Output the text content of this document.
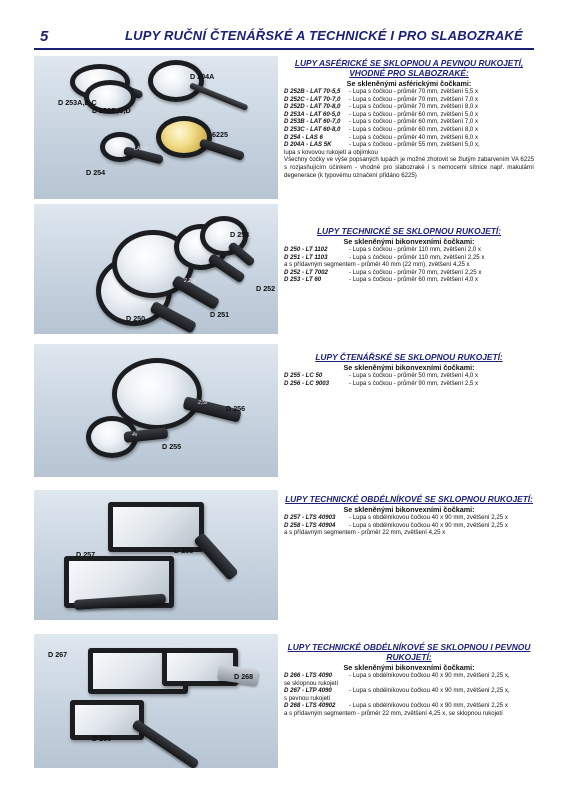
5	LUPY RUČNÍ ČTENÁŘSKÉ A TECHNICKÉ I PRO SLABOZRAKÉ
LAS 6
D 253A,B,C
D 252B,C,D
D 204A
6225
D 254
LUPY ASFÉRICKÉ SE SKLOPNOU A PEVNOU RUKOJETÍ,
VHODNÉ PRO SLABOZRAKÉ:
Se skleněnými asférickými čočkami:
D 252B - LAT 70-5,5	- Lupa s čočkou - průměr 70 mm, zvětšení 5,5 x
D 252C - LAT 70-7,0	- Lupa s čočkou - průměr 70 mm, zvětšení 7,0 x
D 252D - LAT 70-8,0	- Lupa s čočkou - průměr 70 mm, zvětšení 8,0 x
D 253A - LAT 60-5,0	- Lupa s čočkou - průměr 60 mm, zvětšení 5,0 x
D 253B - LAT 60-7,0	- Lupa s čočkou - průměr 60 mm, zvětšení 7,0 x
D 253C - LAT 60-8,0	- Lupa s čočkou - průměr 60 mm, zvětšení 8,0 x
D 254 - LAS 6	- Lupa s čočkou - průměr 40 mm, zvětšení 6,0 x
D 204A - LAS 5K	- Lupa s čočkou - průměr 55 mm, zvětšení 5,0 x,
lupa s kovovou rukojetí a objímkou
Všechny čočky ve výše popsaných lupách je možné zhotovit se žlutým zabarvením VA 6225 s rozjasňujícím účinkem - vhodné pro slabozraké i s nemocemi sítnice např. makulární degenerace (k typovému označení přidáno 6225)
2,25x
D 253
D 252
D 251
D 250
LUPY TECHNICKÉ SE SKLOPNOU RUKOJETÍ:
Se skleněnými bikonvexními čočkami:
D 250 - LT 1102	- Lupa s čočkou - průměr 110 mm, zvětšení 2,0 x
D 251 - LT 1103	- Lupa s čočkou - průměr 110 mm, zvětšení 2,25 x
a s přídavným segmentem - průměr 40 mm (22 mm), zvětšení 4,25 x
D 252 - LT 7002	- Lupa s čočkou - průměr 70 mm, zvětšení 2,25 x
D 253 - LT 60	- Lupa s čočkou - průměr 60 mm, zvětšení 4,0 x
2,5x
4x
D 256
D 255
LUPY ČTENÁŘSKÉ SE SKLOPNOU RUKOJETÍ:
Se skleněnými bikonvexními čočkami:
D 255 - LC 50	- Lupa s čočkou - průměr 50 mm, zvětšení 4,0 x
D 256 - LC 9003	- Lupa s čočkou - průměr 90 mm, zvětšení 2,5 x
D 257	D 258
LUPY TECHNICKÉ OBDÉLNÍKOVÉ SE SKLOPNOU RUKOJETÍ:
Se skleněnými bikonvexními čočkami:
D 257 - LTS 40903	- Lupa s obdélníkovou čočkou 40 x 90 mm, zvětšení 2,25 x
D 258 - LTS 40904	- Lupa s obdélníkovou čočkou 40 x 90 mm, zvětšení 2,25 x
a s přídavným segmentem - průměr 22 mm, zvětšení 4,25 x
D 267
D 268
D 266
LUPY TECHNICKÉ OBDÉLNÍKOVÉ SE SKLOPNOU I PEVNOU
RUKOJETÍ:
Se skleněnými bikonvexními čočkami:
D 266 - LTS 4090	- Lupa s obdélníkovou čočkou 40 x 90 mm, zvětšení 2,25 x,
se sklopnou rukojetí
D 267 - LTP 4090	- Lupa s obdélníkovou čočkou 40 x 90 mm, zvětšení 2,25 x,
s pevnou rukojetí
D 268 - LTS 40902	- Lupa s obdélníkovou čočkou 40 x 90 mm, zvětšení 2,25 x
a s přídavným segmentem - průměr 22 mm, zvětšení 4,25 x, se sklopnou rukojetí
